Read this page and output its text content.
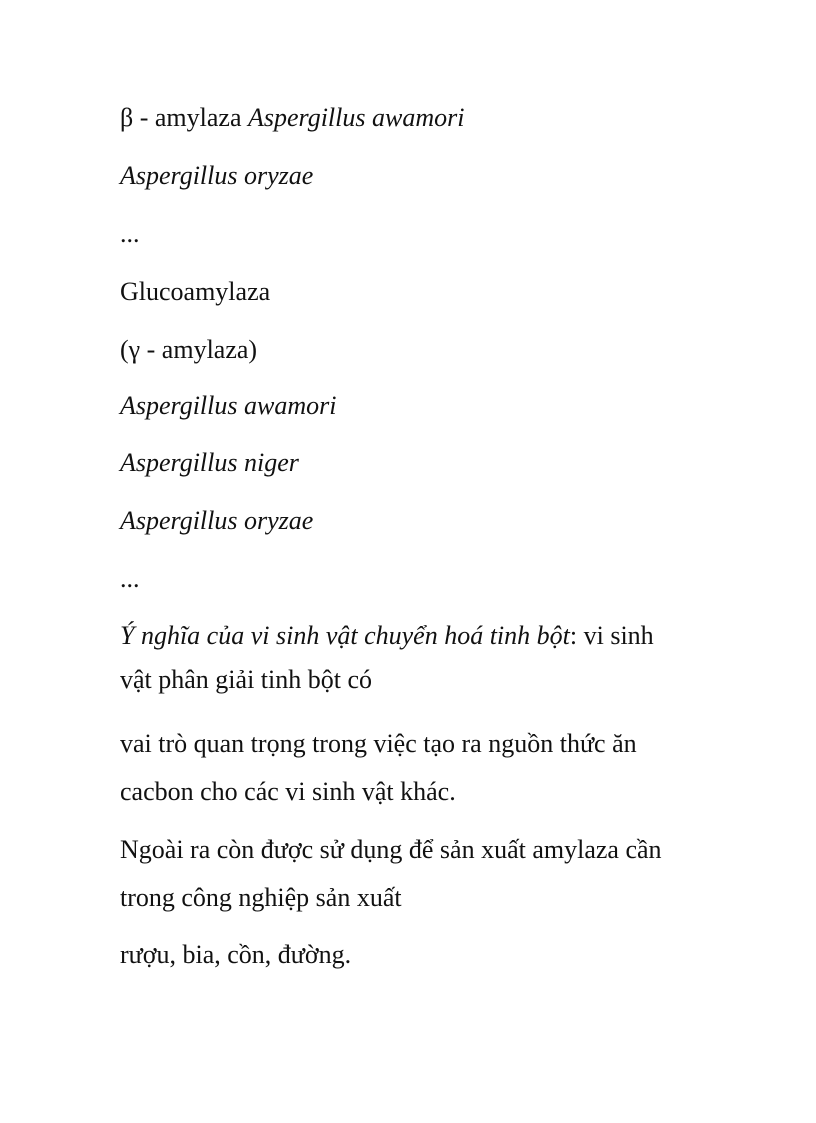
β - amylaza Aspergillus awamori

Aspergillus oryzae

...

Glucoamylaza

(γ - amylaza)

Aspergillus awamori

Aspergillus niger

Aspergillus oryzae

...

Ý nghĩa của vi sinh vật chuyển hoá tinh bột: vi sinh

vật phân giải tinh bột có

vai trò quan trọng trong việc tạo ra nguồn thức ăn

cacbon cho các vi sinh vật khác.

Ngoài ra còn được sử dụng để sản xuất amylaza cần

trong công nghiệp sản xuất

rượu, bia, cồn, đường.
